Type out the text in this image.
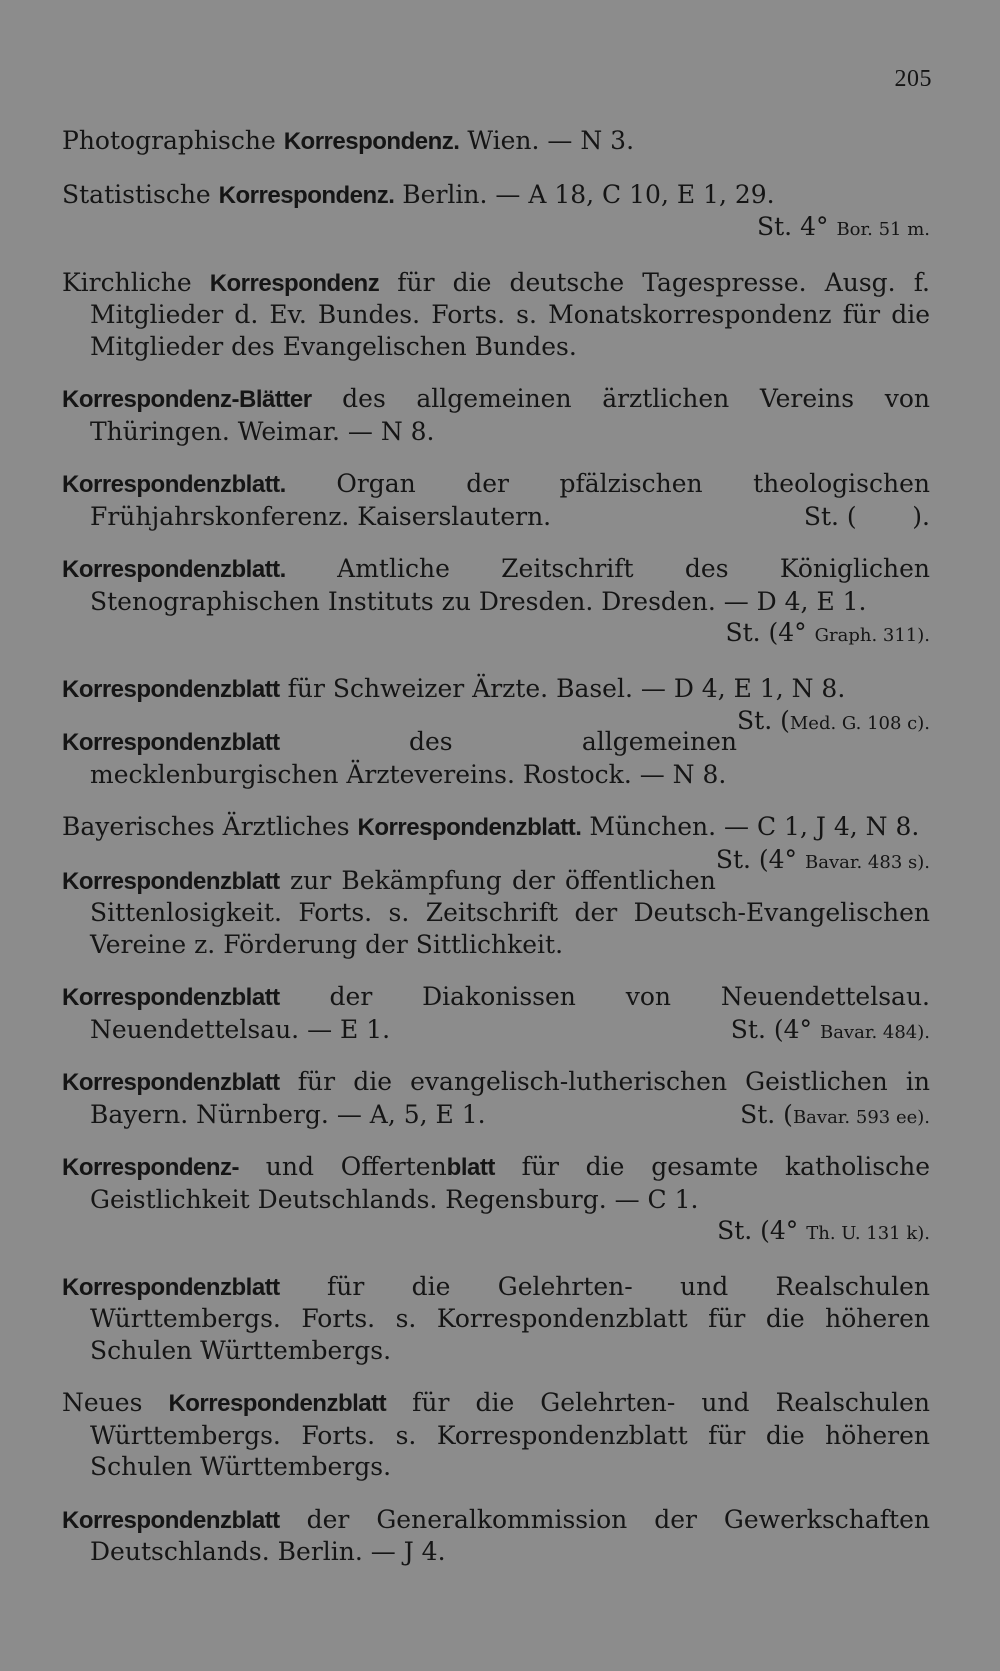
205

Photographische Korrespondenz. Wien. — N 3.

Statistische Korrespondenz. Berlin. — A 18, C 10, E 1, 29.
St. 4° Bor. 51 m.

Kirchliche Korrespondenz für die deutsche Tagespresse. Ausg. f. Mitglieder d. Ev. Bundes. Forts. s. Monatskorrespondenz für die Mitglieder des Evangelischen Bundes.

Korrespondenz-Blätter des allgemeinen ärztlichen Vereins von Thüringen. Weimar. — N 8.

Korrespondenzblatt. Organ der pfälzischen theologischen Frühjahrskonferenz. Kaiserslautern.	St. ( ).

Korrespondenzblatt. Amtliche Zeitschrift des Königlichen Stenographischen Instituts zu Dresden. Dresden. — D 4, E 1.
St. (4° Graph. 311).

Korrespondenzblatt für Schweizer Ärzte. Basel. — D 4, E 1, N 8.
St. (Med. G. 108 c).

Korrespondenzblatt des allgemeinen mecklenburgischen Ärztevereins. Rostock. — N 8.

Bayerisches Ärztliches Korrespondenzblatt. München. — C 1, J 4, N 8.
St. (4° Bavar. 483 s).

Korrespondenzblatt zur Bekämpfung der öffentlichen Sittenlosigkeit. Forts. s. Zeitschrift der Deutsch-Evangelischen Vereine z. Förderung der Sittlichkeit.

Korrespondenzblatt der Diakonissen von Neuendettelsau. Neuendettelsau. — E 1.	St. (4° Bavar. 484).

Korrespondenzblatt für die evangelisch-lutherischen Geistlichen in Bayern. Nürnberg. — A, 5, E 1.	St. (Bavar. 593 ee).

Korrespondenz- und Offertenblatt für die gesamte katholische Geistlichkeit Deutschlands. Regensburg. — C 1.
St. (4° Th. U. 131 k).

Korrespondenzblatt für die Gelehrten- und Realschulen Württembergs. Forts. s. Korrespondenzblatt für die höheren Schulen Württembergs.

Neues Korrespondenzblatt für die Gelehrten- und Realschulen Württembergs. Forts. s. Korrespondenzblatt für die höheren Schulen Württembergs.

Korrespondenzblatt der Generalkommission der Gewerkschaften Deutschlands. Berlin. — J 4.
